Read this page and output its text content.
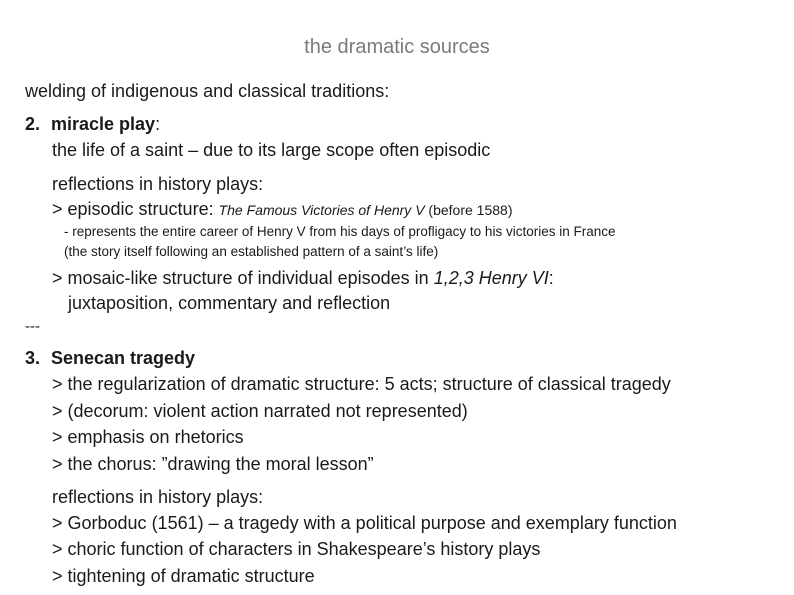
the dramatic sources
welding of indigenous and classical traditions:
2. miracle play:
the life of a saint – due to its large scope often episodic
reflections in history plays:
> episodic structure: The Famous Victories of Henry V (before 1588)
- represents the entire career of Henry V from his days of profligacy to his victories in France
(the story itself following an established pattern of a saint’s life)
> mosaic-like structure of individual episodes in 1,2,3 Henry VI:
juxtaposition, commentary and reflection
---
3. Senecan tragedy
> the regularization of dramatic structure: 5 acts; structure of classical tragedy
> (decorum: violent action narrated not represented)
> emphasis on rhetorics
> the chorus: ”drawing the moral lesson”
reflections in history plays:
> Gorboduc (1561) – a tragedy with a political purpose and exemplary function
> choric function of characters in Shakespeare’s history plays
> tightening of dramatic structure
